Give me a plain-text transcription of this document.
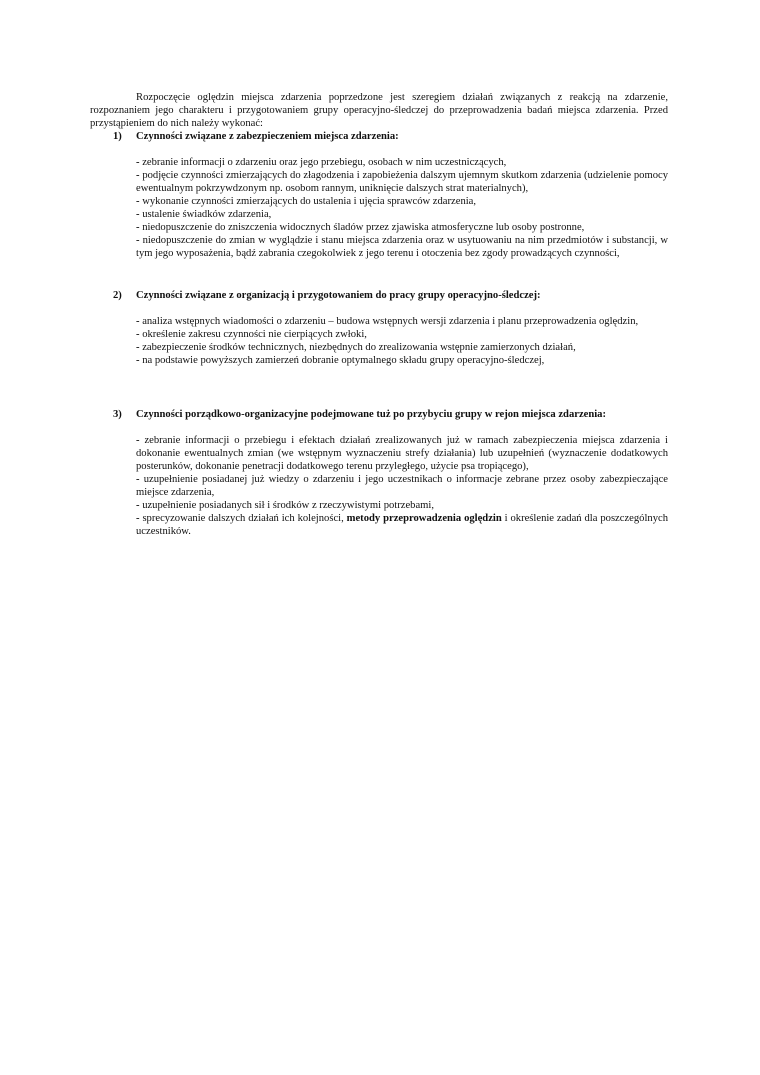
Rozpoczęcie oględzin miejsca zdarzenia poprzedzone jest szeregiem działań związanych z reakcją na zdarzenie, rozpoznaniem jego charakteru i przygotowaniem grupy operacyjno-śledczej do przeprowadzenia badań miejsca zdarzenia. Przed przystąpieniem do nich należy wykonać:

1) Czynności związane z zabezpieczeniem miejsca zdarzenia:
- zebranie informacji o zdarzeniu oraz jego przebiegu, osobach w nim uczestniczących,
- podjęcie czynności zmierzających do złagodzenia i zapobieżenia dalszym ujemnym skutkom zdarzenia (udzielenie pomocy ewentualnym pokrzywdzonym np. osobom rannym, uniknięcie dalszych strat materialnych),
- wykonanie czynności zmierzających do ustalenia i ujęcia sprawców zdarzenia,
- ustalenie świadków zdarzenia,
- niedopuszczenie do zniszczenia widocznych śladów przez zjawiska atmosferyczne lub osoby postronne,
- niedopuszczenie do zmian w wyglądzie i stanu miejsca zdarzenia oraz w usytuowaniu na nim przedmiotów i substancji, w tym jego wyposażenia, bądź zabrania czegokolwiek z jego terenu i otoczenia bez zgody prowadzących czynności,
2) Czynności związane z organizacją i przygotowaniem do pracy grupy operacyjno-śledczej:
- analiza wstępnych wiadomości o zdarzeniu – budowa wstępnych wersji zdarzenia i planu przeprowadzenia oględzin,
- określenie zakresu czynności nie cierpiących zwłoki,
- zabezpieczenie środków technicznych, niezbędnych do zrealizowania wstępnie zamierzonych działań,
- na podstawie powyższych zamierzeń dobranie optymalnego składu grupy operacyjno-śledczej,
3) Czynności porządkowo-organizacyjne podejmowane tuż po przybyciu grupy w rejon miejsca zdarzenia:
- zebranie informacji o przebiegu i efektach działań zrealizowanych już w ramach zabezpieczenia miejsca zdarzenia i dokonanie ewentualnych zmian (we wstępnym wyznaczeniu strefy działania) lub uzupełnień (wyznaczenie dodatkowych posterunków, dokonanie penetracji dodatkowego terenu przyległego, użycie psa tropiącego),
- uzupełnienie posiadanej już wiedzy o zdarzeniu i jego uczestnikach o informacje zebrane przez osoby zabezpieczające miejsce zdarzenia,
- uzupełnienie posiadanych sił i środków z rzeczywistymi potrzebami,
- sprecyzowanie dalszych działań ich kolejności, metody przeprowadzenia oględzin i określenie zadań dla poszczególnych uczestników.
